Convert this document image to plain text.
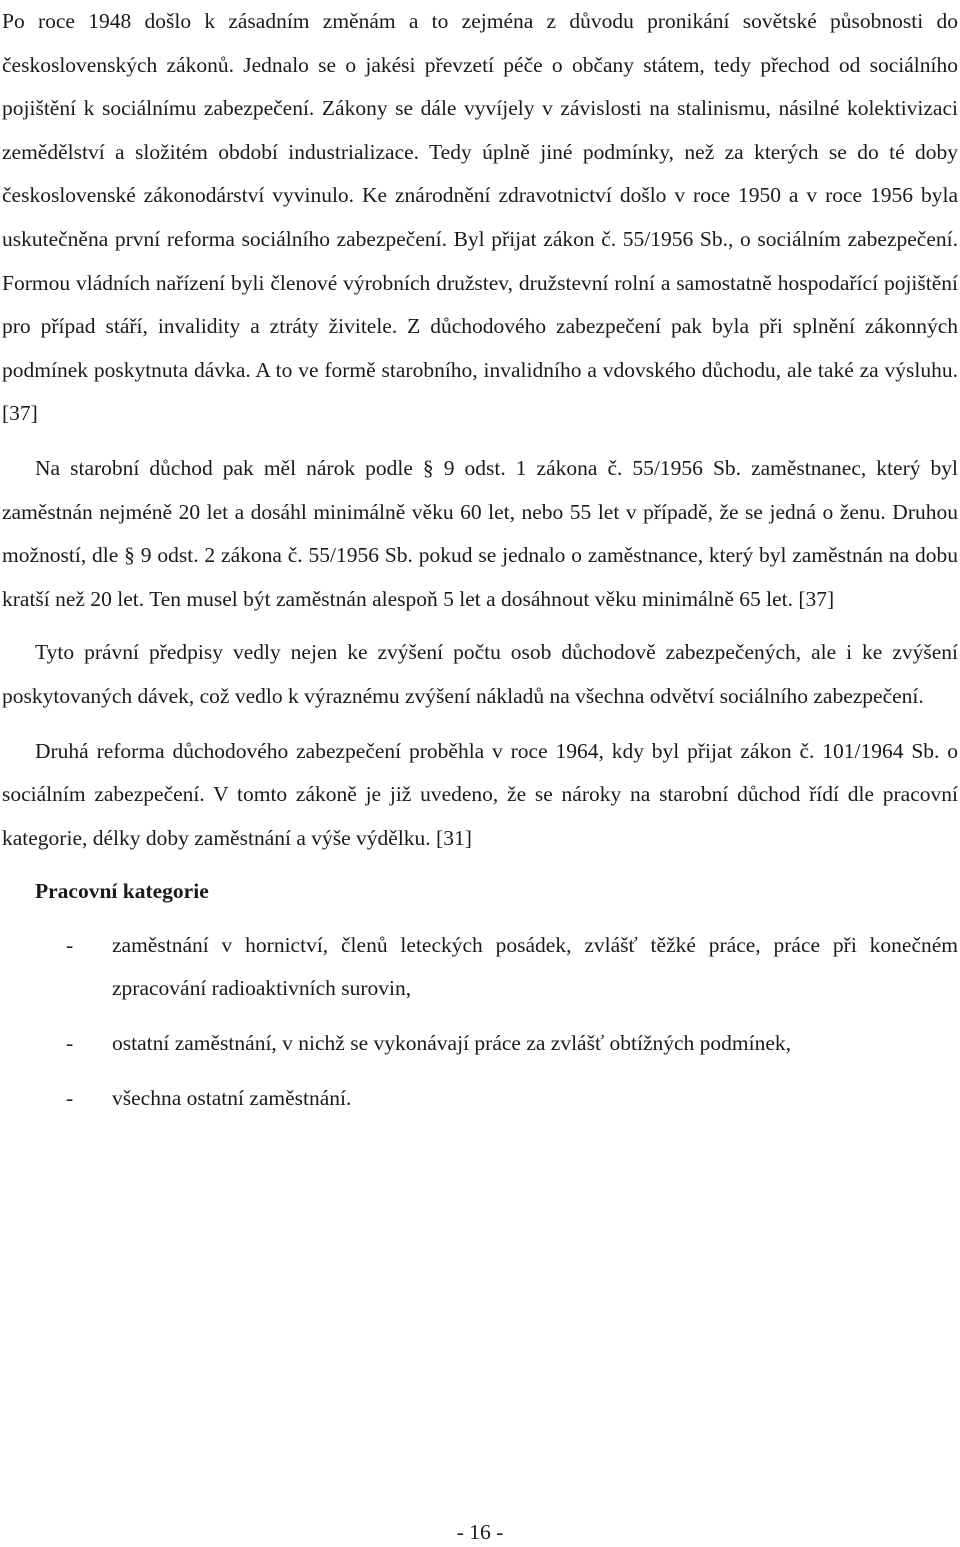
Po roce 1948 došlo k zásadním změnám a to zejména z důvodu pronikání sovětské působnosti do československých zákonů. Jednalo se o jakési převzetí péče o občany státem, tedy přechod od sociálního pojištění k sociálnímu zabezpečení. Zákony se dále vyvíjely v závislosti na stalinismu, násilné kolektivizaci zemědělství a složitém období industrializace. Tedy úplně jiné podmínky, než za kterých se do té doby československé zákonodárství vyvinulo. Ke znárodnění zdravotnictví došlo v roce 1950 a v roce 1956 byla uskutečněna první reforma sociálního zabezpečení. Byl přijat zákon č. 55/1956 Sb., o sociálním zabezpečení. Formou vládních nařízení byli členové výrobních družstev, družstevní rolní a samostatně hospodařící pojištění pro případ stáří, invalidity a ztráty živitele. Z důchodového zabezpečení pak byla při splnění zákonných podmínek poskytnuta dávka. A to ve formě starobního, invalidního a vdovského důchodu, ale také za výsluhu. [37]

Na starobní důchod pak měl nárok podle § 9 odst. 1 zákona č. 55/1956 Sb. zaměstnanec, který byl zaměstnán nejméně 20 let a dosáhl minimálně věku 60 let, nebo 55 let v případě, že se jedná o ženu. Druhou možností, dle § 9 odst. 2 zákona č. 55/1956 Sb. pokud se jednalo o zaměstnance, který byl zaměstnán na dobu kratší než 20 let. Ten musel být zaměstnán alespoň 5 let a dosáhnout věku minimálně 65 let. [37]

Tyto právní předpisy vedly nejen ke zvýšení počtu osob důchodově zabezpečených, ale i ke zvýšení poskytovaných dávek, což vedlo k výraznému zvýšení nákladů na všechna odvětví sociálního zabezpečení.

Druhá reforma důchodového zabezpečení proběhla v roce 1964, kdy byl přijat zákon č. 101/1964 Sb. o sociálním zabezpečení. V tomto zákoně je již uvedeno, že se nároky na starobní důchod řídí dle pracovní kategorie, délky doby zaměstnání a výše výdělku. [31]

Pracovní kategorie
-	zaměstnání v hornictví, členů leteckých posádek, zvlášť těžké práce, práce při konečném zpracování radioaktivních surovin,
-	ostatní zaměstnání, v nichž se vykonávají práce za zvlášť obtížných podmínek,
-	všechna ostatní zaměstnání.
- 16 -
